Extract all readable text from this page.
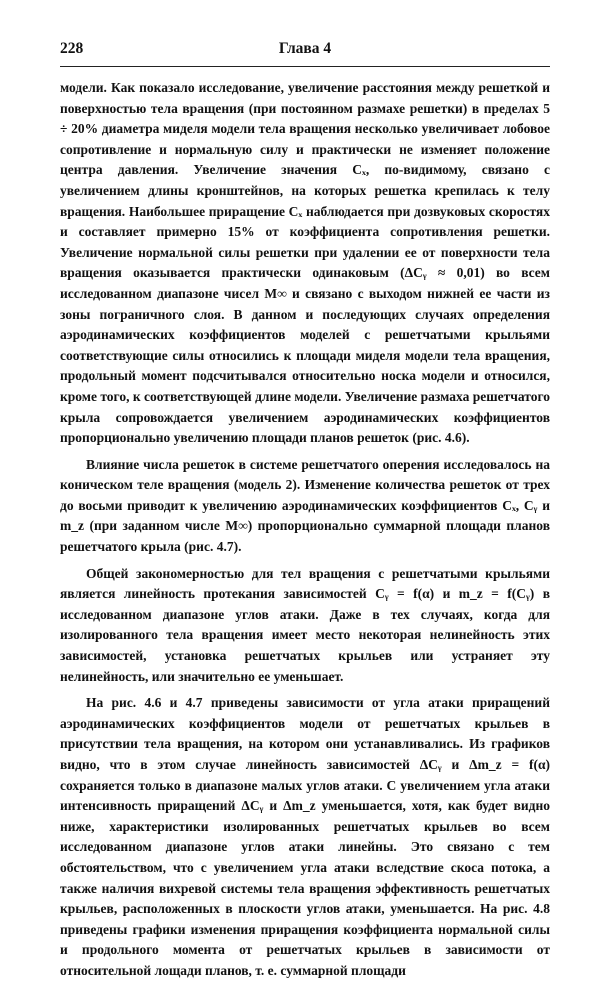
228	Глава 4

модели. Как показало исследование, увеличение расстояния между решеткой и поверхностью тела вращения (при постоянном размахе решетки) в пределах 5 ÷ 20% диаметра миделя модели тела вращения несколько увеличивает лобовое сопротивление и нормальную силу и практически не изменяет положение центра давления. Увеличение значения Cₓ, по-видимому, связано с увеличением длины кронштейнов, на которых решетка крепилась к телу вращения. Наибольшее приращение Cₓ наблюдается при дозвуковых скоростях и составляет примерно 15% от коэффициента сопротивления решетки. Увеличение нормальной силы решетки при удалении ее от поверхности тела вращения оказывается практически одинаковым (ΔCᵧ ≈ 0,01) во всем исследованном диапазоне чисел M∞ и связано с выходом нижней ее части из зоны пограничного слоя. В данном и последующих случаях определения аэродинамических коэффициентов моделей с решетчатыми крыльями соответствующие силы относились к площади миделя модели тела вращения, продольный момент подсчитывался относительно носка модели и относился, кроме того, к соответствующей длине модели. Увеличение размаха решетчатого крыла сопровождается увеличением аэродинамических коэффициентов пропорционально увеличению площади планов решеток (рис. 4.6).

Влияние числа решеток в системе решетчатого оперения исследовалось на коническом теле вращения (модель 2). Изменение количества решеток от трех до восьми приводит к увеличению аэродинамических коэффициентов Cₓ, Cᵧ и m_z (при заданном числе M∞) пропорционально суммарной площади планов решетчатого крыла (рис. 4.7).

Общей закономерностью для тел вращения с решетчатыми крыльями является линейность протекания зависимостей Cᵧ = f(α) и m_z = f(Cᵧ) в исследованном диапазоне углов атаки. Даже в тех случаях, когда для изолированного тела вращения имеет место некоторая нелинейность этих зависимостей, установка решетчатых крыльев или устраняет эту нелинейность, или значительно ее уменьшает.

На рис. 4.6 и 4.7 приведены зависимости от угла атаки приращений аэродинамических коэффициентов модели от решетчатых крыльев в присутствии тела вращения, на котором они устанавливались. Из графиков видно, что в этом случае линейность зависимостей ΔCᵧ и Δm_z = f(α) сохраняется только в диапазоне малых углов атаки. С увеличением угла атаки интенсивность приращений ΔCᵧ и Δm_z уменьшается, хотя, как будет видно ниже, характеристики изолированных решетчатых крыльев во всем исследованном диапазоне углов атаки линейны. Это связано с тем обстоятельством, что с увеличением угла атаки вследствие скоса потока, а также наличия вихревой системы тела вращения эффективность решетчатых крыльев, расположенных в плоскости углов атаки, уменьшается. На рис. 4.8 приведены графики изменения приращения коэффициента нормальной силы и продольного момента от решетчатых крыльев в зависимости от относительной лощади планов, т. е. суммарной площади
